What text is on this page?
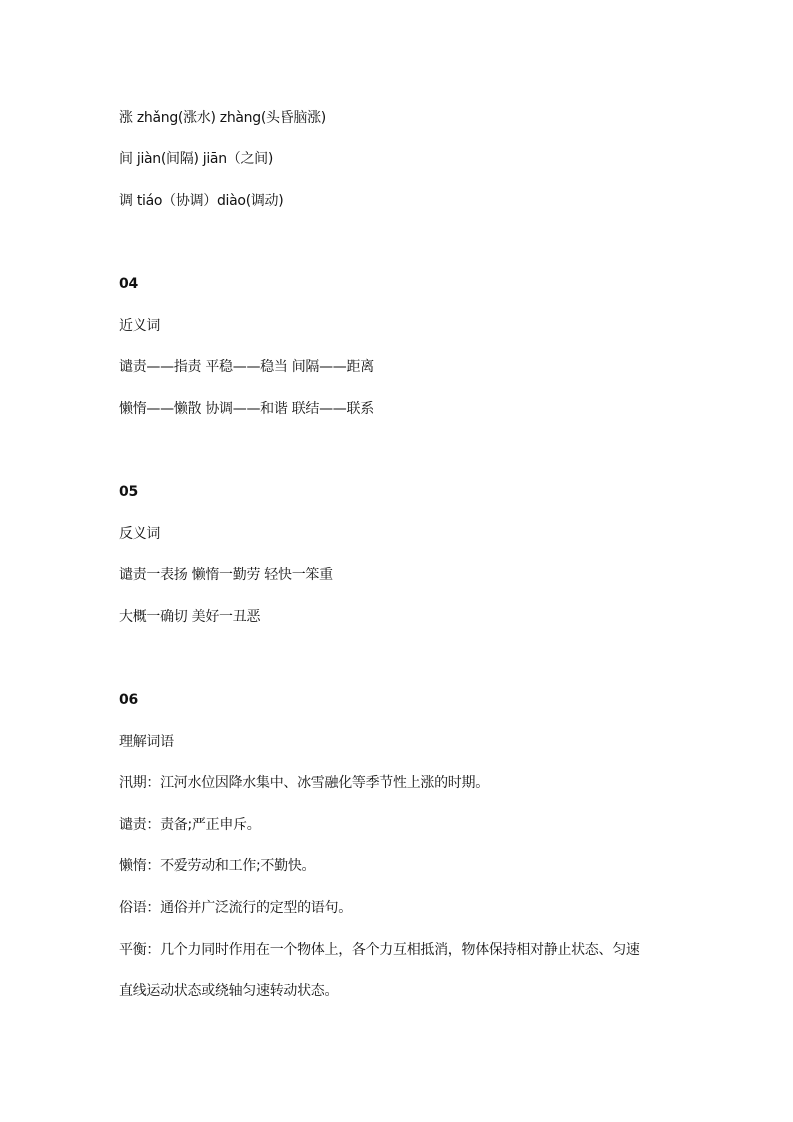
涨 zhǎng(涨水) zhàng(头昏脑涨)
间 jiàn(间隔) jiān（之间)
调 tiáo（协调）diào(调动)
04
近义词
谴责——指责 平稳——稳当 间隔——距离
懒惰——懒散 协调——和谐 联结——联系
05
反义词
谴责一表扬 懒惰一勤劳 轻快一笨重
大概一确切 美好一丑恶
06
理解词语
汛期：江河水位因降水集中、冰雪融化等季节性上涨的时期。
谴责：责备;严正申斥。
懒惰：不爱劳动和工作;不勤快。
俗语：通俗并广泛流行的定型的语句。
平衡：几个力同时作用在一个物体上，各个力互相抵消，物体保持相对静止状态、匀速
直线运动状态或绕轴匀速转动状态。
